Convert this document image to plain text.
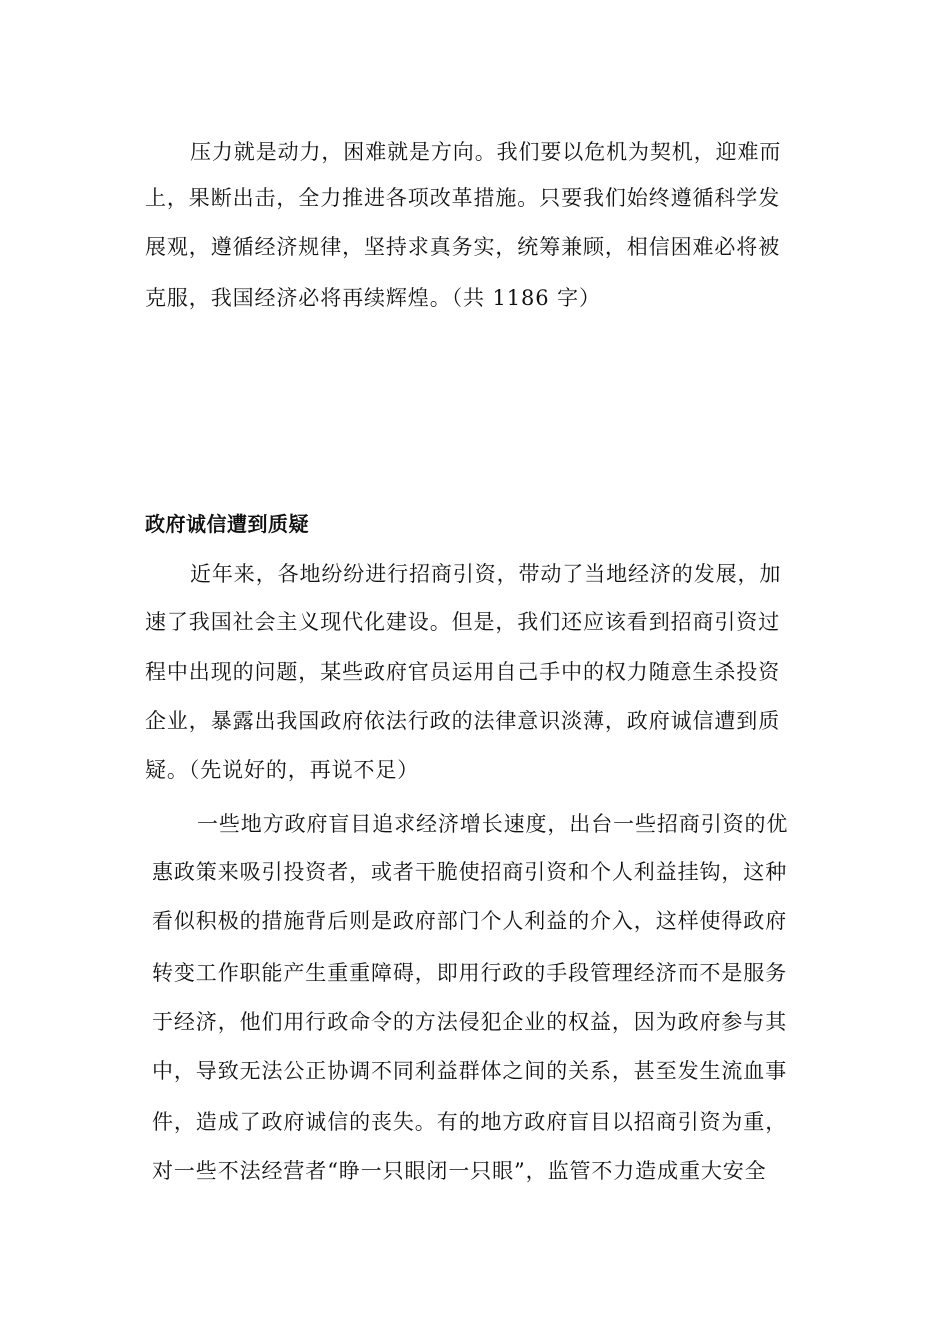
压力就是动力，困难就是方向。我们要以危机为契机，迎难而
上，果断出击，全力推进各项改革措施。只要我们始终遵循科学发
展观，遵循经济规律，坚持求真务实，统筹兼顾，相信困难必将被
克服，我国经济必将再续辉煌。（共 1186 字）
政府诚信遭到质疑
近年来，各地纷纷进行招商引资，带动了当地经济的发展，加
速了我国社会主义现代化建设。但是，我们还应该看到招商引资过
程中出现的问题，某些政府官员运用自己手中的权力随意生杀投资
企业，暴露出我国政府依法行政的法律意识淡薄，政府诚信遭到质
疑。（先说好的，再说不足）
一些地方政府盲目追求经济增长速度，出台一些招商引资的优
惠政策来吸引投资者，或者干脆使招商引资和个人利益挂钩，这种
看似积极的措施背后则是政府部门个人利益的介入，这样使得政府
转变工作职能产生重重障碍，即用行政的手段管理经济而不是服务
于经济，他们用行政命令的方法侵犯企业的权益，因为政府参与其
中，导致无法公正协调不同利益群体之间的关系，甚至发生流血事
件，造成了政府诚信的丧失。有的地方政府盲目以招商引资为重，
对一些不法经营者“睁一只眼闭一只眼”，监管不力造成重大安全
